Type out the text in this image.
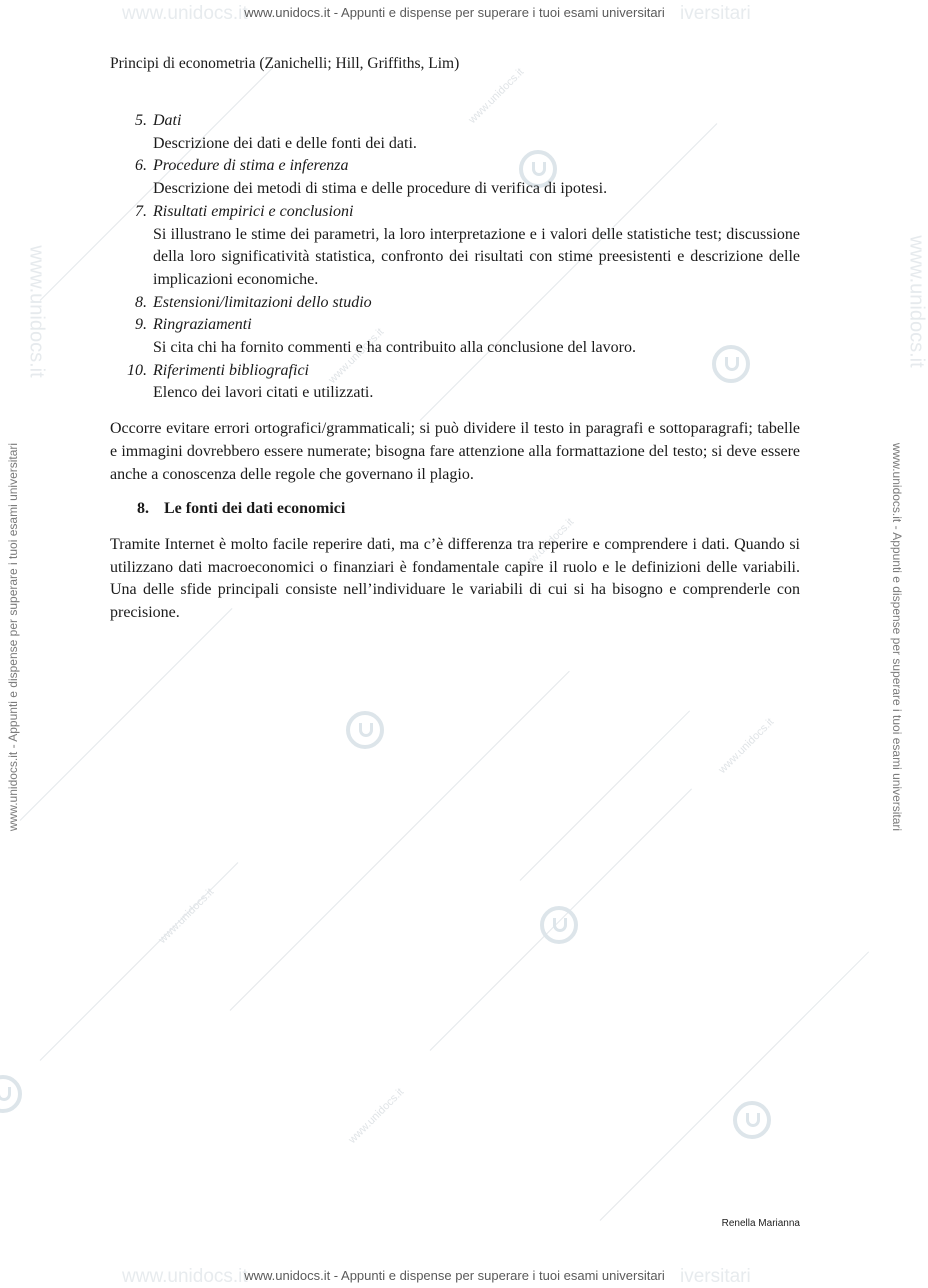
www.unidocs.it
www.unidocs.it
www.unidocs.it
www.unidocs.it
www.unidocs.it
www.unidocs.it
www.unidocs.it	www.unidocs.it
www.unidocs.it - Appunti e dispense per superare i tuoi esami universitari	www.unidocs.it - Appunti e dispense per superare i tuoi esami universitari
www.unidocs.it	iversitari
www.unidocs.it - Appunti e dispense per superare i tuoi esami universitari
www.unidocs.it	iversitari
www.unidocs.it - Appunti e dispense per superare i tuoi esami universitari
Principi di econometria (Zanichelli; Hill, Griffiths, Lim)
5. Dati
Descrizione dei dati e delle fonti dei dati.
6. Procedure di stima e inferenza
Descrizione dei metodi di stima e delle procedure di verifica di ipotesi.
7. Risultati empirici e conclusioni
Si illustrano le stime dei parametri, la loro interpretazione e i valori delle statistiche test; discussione della loro significatività statistica, confronto dei risultati con stime preesistenti e descrizione delle implicazioni economiche.
8. Estensioni/limitazioni dello studio
9. Ringraziamenti
Si cita chi ha fornito commenti e ha contribuito alla conclusione del lavoro.
10. Riferimenti bibliografici
Elenco dei lavori citati e utilizzati.

Occorre evitare errori ortografici/grammaticali; si può dividere il testo in paragrafi e sottoparagrafi; tabelle e immagini dovrebbero essere numerate; bisogna fare attenzione alla formattazione del testo; si deve essere anche a conoscenza delle regole che governano il plagio.

8. Le fonti dei dati economici

Tramite Internet è molto facile reperire dati, ma c’è differenza tra reperire e comprendere i dati. Quando si utilizzano dati macroeconomici o finanziari è fondamentale capire il ruolo e le definizioni delle variabili. Una delle sfide principali consiste nell’individuare le variabili di cui si ha bisogno e comprenderle con precisione.

Renella Marianna
